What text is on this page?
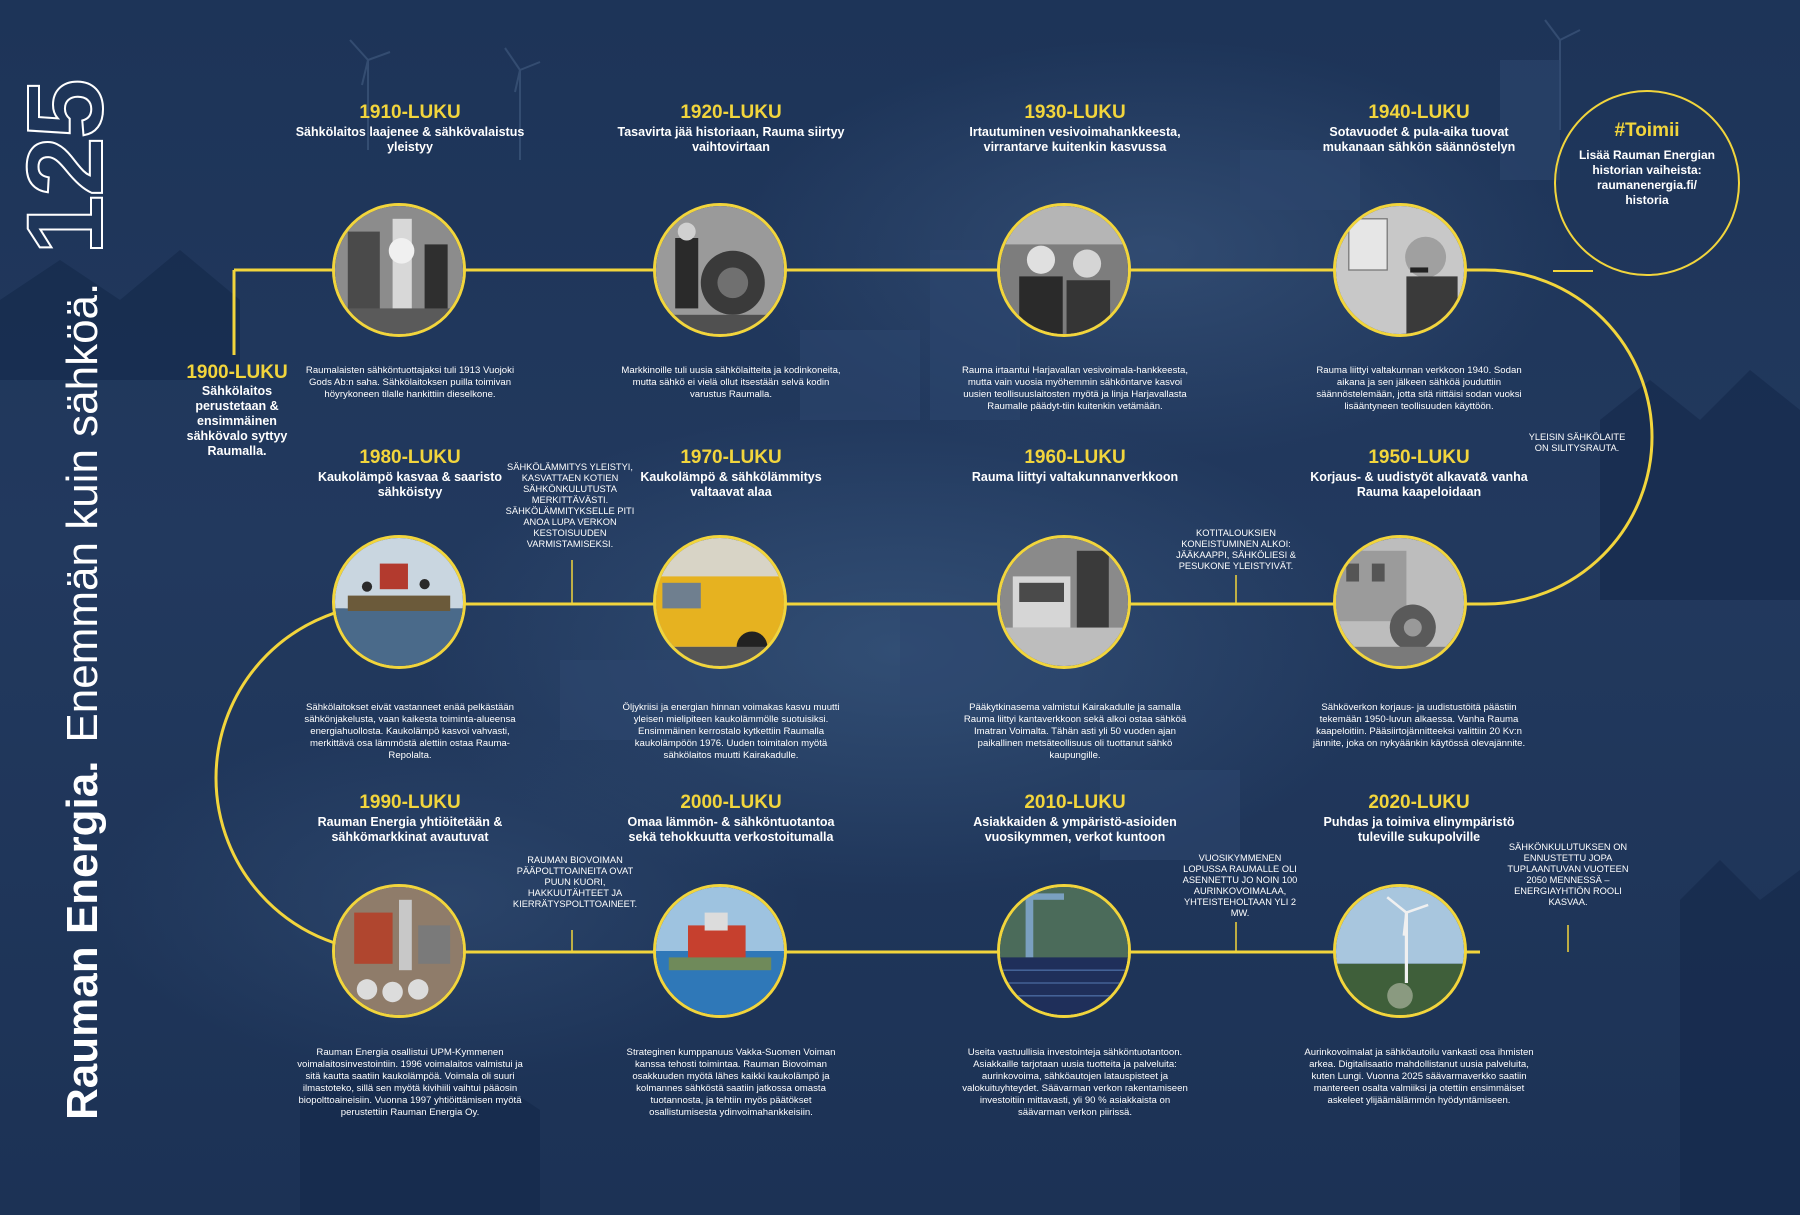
Rauman Energia.
Enemmän kuin sähköä.
125
1900-LUKU
Sähkölaitos perustetaan & ensimmäinen sähkövalo syttyy Raumalla.
#Toimii
Lisää Rauman Energian historian vaiheista: raumanenergia.fi/ historia
1910-LUKU
Sähkölaitos laajenee & sähkövalaistus yleistyy
Raumalaisten sähköntuottajaksi tuli 1913 Vuojoki Gods Ab:n saha. Sähkölaitoksen puilla toimivan höyrykoneen tilalle hankittiin dieselkone.
1920-LUKU
Tasavirta jää historiaan, Rauma siirtyy vaihtovirtaan
Markkinoille tuli uusia sähkölaitteita ja kodinkoneita, mutta sähkö ei vielä ollut itsestään selvä kodin varustus Raumalla.
1930-LUKU
Irtautuminen vesivoimahankkeesta, virrantarve kuitenkin kasvussa
Rauma irtaantui Harjavallan vesivoimala-hankkeesta, mutta vain vuosia myöhemmin sähköntarve kasvoi uusien teollisuuslaitosten myötä ja linja Harjavallasta Raumalle päädyt-tiin kuitenkin vetämään.
1940-LUKU
Sotavuodet & pula-aika tuovat mukanaan sähkön säännöstelyn
Rauma liittyi valtakunnan verkkoon 1940. Sodan aikana ja sen jälkeen sähköä jouduttiin säännöstelemään, jotta sitä riittäisi sodan vuoksi lisääntyneen teollisuuden käyttöön.
1980-LUKU
Kaukolämpö kasvaa & saaristo sähköistyy
Sähkölaitokset eivät vastanneet enää pelkästään sähkönjakelusta, vaan kaikesta toiminta-alueensa energiahuollosta. Kaukolämpö kasvoi vahvasti, merkittävä osa lämmöstä alettiin ostaa Rauma-Repolalta.
1970-LUKU
Kaukolämpö & sähkölämmitys valtaavat alaa
Öljykriisi ja energian hinnan voimakas kasvu muutti yleisen mielipiteen kaukolämmölle suotuisiksi. Ensimmäinen kerrostalo kytkettiin Raumalla kaukolämpöön 1976. Uuden toimitalon myötä sähkölaitos muutti Kairakadulle.
1960-LUKU
Rauma liittyi valtakunnanverkkoon
Pääkytkinasema valmistui Kairakadulle ja samalla Rauma liittyi kantaverkkoon sekä alkoi ostaa sähköä Imatran Voimalta. Tähän asti yli 50 vuoden ajan paikallinen metsäteollisuus oli tuottanut sähkö kaupungille.
1950-LUKU
Korjaus- & uudistyöt alkavat& vanha Rauma kaapeloidaan
Sähköverkon korjaus- ja uudistustöitä päästiin tekemään 1950-luvun alkaessa. Vanha Rauma kaapeloitiin. Pääsiirtojännitteeksi valittiin 20 Kv:n jännite, joka on nykyäänkin käytössä olevajännite.
1990-LUKU
Rauman Energia yhtiöitetään & sähkömarkkinat avautuvat
Rauman Energia osallistui UPM-Kymmenen voimalaitosinvestointiin. 1996 voimalaitos valmistui ja sitä kautta saatiin kaukolämpöä. Voimala oli suuri ilmastoteko, sillä sen myötä kivihiili vaihtui pääosin biopolttoaineisiin. Vuonna 1997 yhtiöittämisen myötä perustettiin Rauman Energia Oy.
2000-LUKU
Omaa lämmön- & sähköntuotantoa sekä tehokkuutta verkostoitumalla
Strateginen kumppanuus Vakka-Suomen Voiman kanssa tehosti toimintaa. Rauman Biovoiman osakkuuden myötä lähes kaikki kaukolämpö ja kolmannes sähköstä saatiin jatkossa omasta tuotannosta, ja tehtiin myös päätökset osallistumisesta ydinvoimahankkeisiin.
2010-LUKU
Asiakkaiden & ympäristö-asioiden vuosikymmen, verkot kuntoon
Useita vastuullisia investointeja sähköntuotantoon. Asiakkaille tarjotaan uusia tuotteita ja palveluita: aurinkovoima, sähköautojen latauspisteet ja valokuituyhteydet. Säävarman verkon rakentamiseen investoitiin mittavasti, yli 90 % asiakkaista on säävarman verkon piirissä.
2020-LUKU
Puhdas ja toimiva elinympäristö tuleville sukupolville
Aurinkovoimalat ja sähköautoilu vankasti osa ihmisten arkea. Digitalisaatio mahdollistanut uusia palveluita, kuten Lungi. Vuonna 2025 säävarmaverkko saatiin mantereen osalta valmiiksi ja otettiin ensimmäiset askeleet ylijäämälämmön hyödyntämiseen.
YLEISIN SÄHKÖLAITE ON SILITYSRAUTA.
SÄHKÖLÄMMITYS YLEISTYI, KASVATTAEN KOTIEN SÄHKÖNKULUTUSTA MERKITTÄVÄSTI. SÄHKÖLÄMMITYKSELLE PITI ANOA LUPA VERKON KESTOISUUDEN VARMISTAMISEKSI.
KOTITALOUKSIEN KONEISTUMINEN ALKOI: JÄÄKAAPPI, SÄHKÖLIESI & PESUKONE YLEISTYIVÄT.
RAUMAN BIOVOIMAN PÄÄPOLTTOAINEITA OVAT PUUN KUORI, HAKKUUTÄHTEET JA KIERRÄTYSPOLTTOAINEET.
VUOSIKYMMENEN LOPUSSA RAUMALLE OLI ASENNETTU JO NOIN 100 AURINKOVOIMALAA, YHTEISTEHOLTAAN YLI 2 MW.
SÄHKÖNKULUTUKSEN ON ENNUSTETTU JOPA TUPLAANTUVAN VUOTEEN 2050 MENNESSÄ – ENERGIAYHTIÖN ROOLI KASVAA.
